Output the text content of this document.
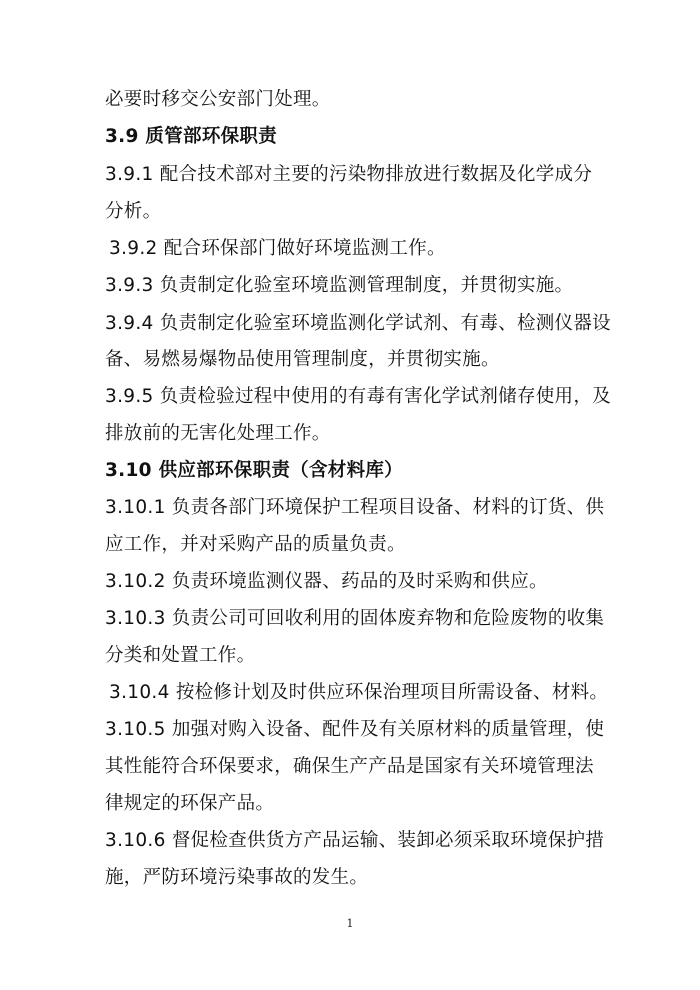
必要时移交公安部门处理。
3.9 质管部环保职责
3.9.1 配合技术部对主要的污染物排放进行数据及化学成分
分析。
3.9.2 配合环保部门做好环境监测工作。
3.9.3 负责制定化验室环境监测管理制度，并贯彻实施。
3.9.4 负责制定化验室环境监测化学试剂、有毒、检测仪器设
备、易燃易爆物品使用管理制度，并贯彻实施。
3.9.5 负责检验过程中使用的有毒有害化学试剂储存使用，及
排放前的无害化处理工作。
3.10 供应部环保职责（含材料库）
3.10.1 负责各部门环境保护工程项目设备、材料的订货、供
应工作，并对采购产品的质量负责。
3.10.2 负责环境监测仪器、药品的及时采购和供应。
3.10.3 负责公司可回收利用的固体废弃物和危险废物的收集
分类和处置工作。
3.10.4 按检修计划及时供应环保治理项目所需设备、材料。
3.10.5 加强对购入设备、配件及有关原材料的质量管理，使
其性能符合环保要求，确保生产产品是国家有关环境管理法
律规定的环保产品。
3.10.6 督促检查供货方产品运输、装卸必须采取环境保护措
施，严防环境污染事故的发生。
1
